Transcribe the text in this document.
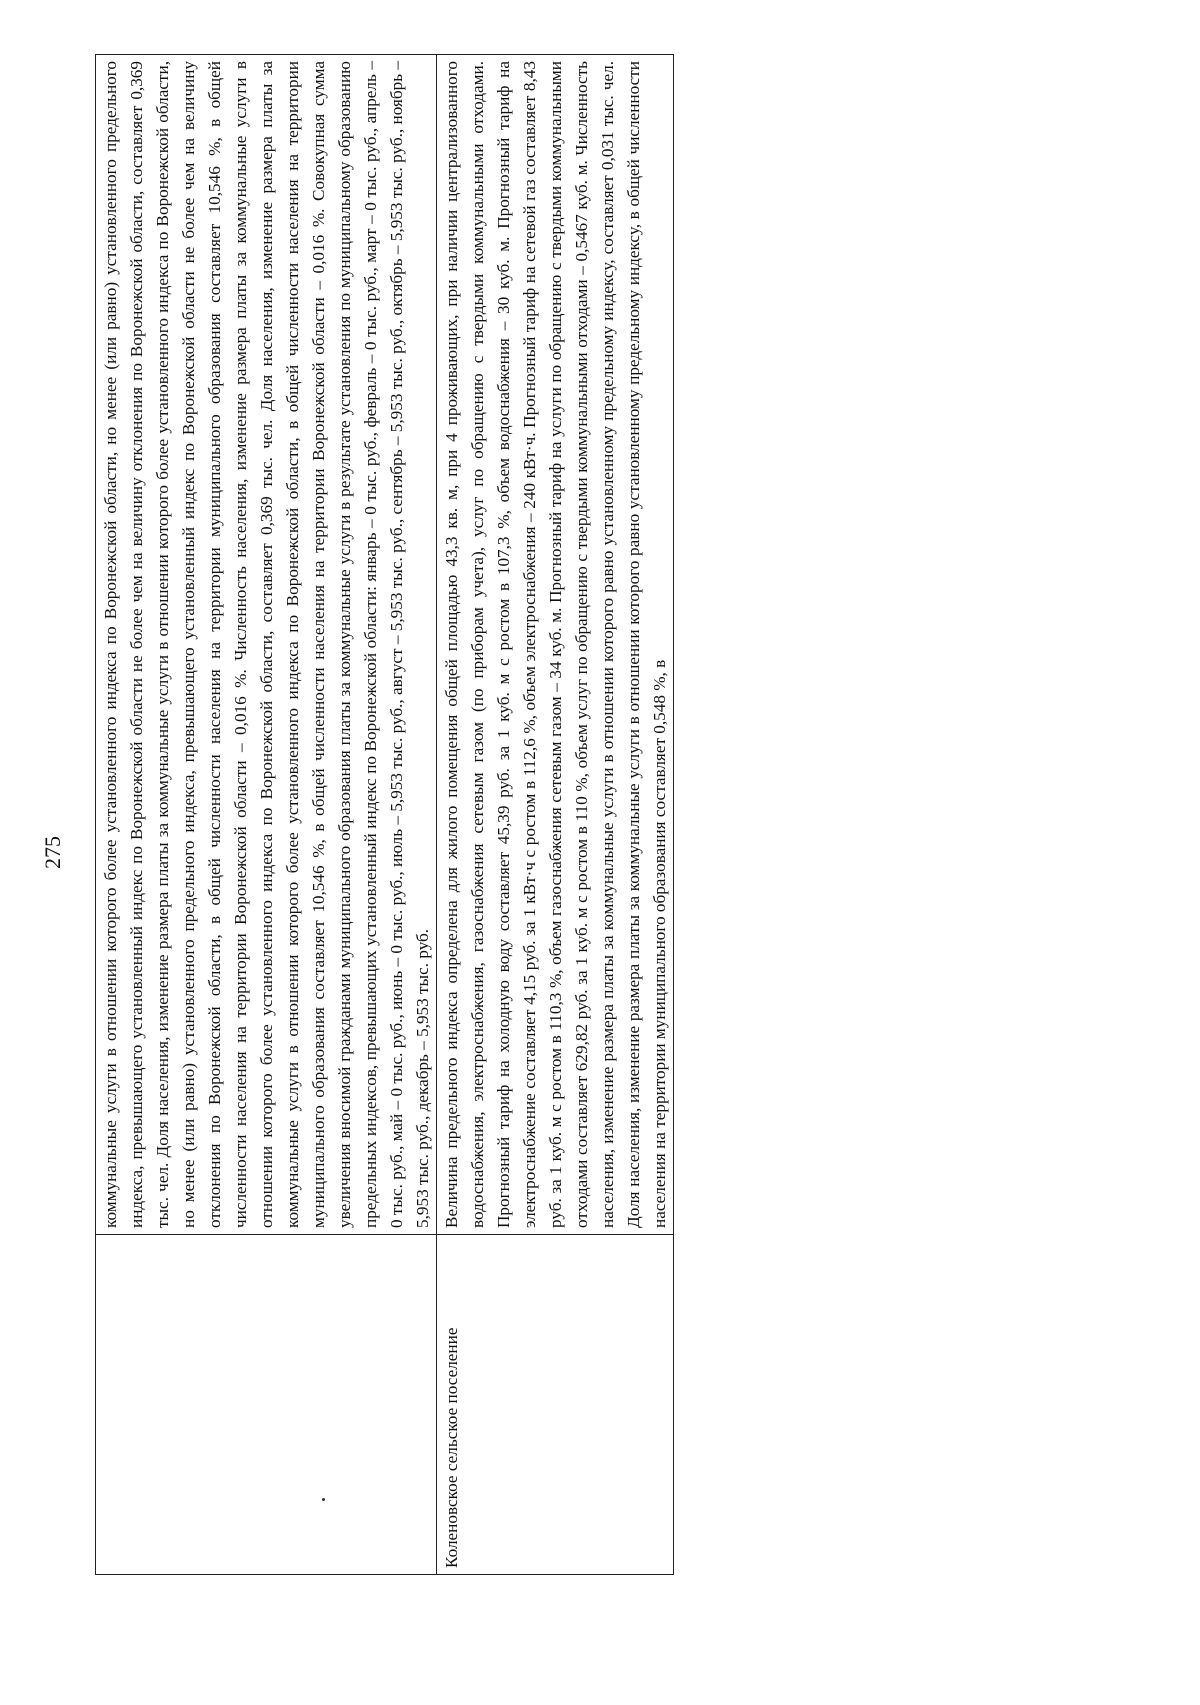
275
	коммунальные услуги в отношении которого более установленного индекса по Воронежской области, но менее (или равно) установленного предельного индекса, превышающего установленный индекс по Воронежской области не более чем на величину отклонения по Воронежской области, составляет 0,369 тыс. чел. Доля населения, изменение размера платы за коммунальные услуги в отношении которого более установленного индекса по Воронежской области, но менее (или равно) установленного предельного индекса, превышающего установленный индекс по Воронежской области не более чем на величину отклонения по Воронежской области, в общей численности населения на территории муниципального образования составляет 10,546 %, в общей численности населения на территории Воронежской области – 0,016 %. Численность населения, изменение размера платы за коммунальные услуги в отношении которого более установленного индекса по Воронежской области, составляет 0,369 тыс. чел. Доля населения, изменение размера платы за коммунальные услуги в отношении которого более установленного индекса по Воронежской области, в общей численности населения на территории муниципального образования составляет 10,546 %, в общей численности населения на территории Воронежской области – 0,016 %. Совокупная сумма увеличения вносимой гражданами муниципального образования платы за коммунальные услуги в результате установления по муниципальному образованию предельных индексов, превышающих установленный индекс по Воронежской области: январь – 0 тыс. руб., февраль – 0 тыс. руб., март – 0 тыс. руб., апрель – 0 тыс. руб., май – 0 тыс. руб., июнь – 0 тыс. руб., июль – 5,953 тыс. руб., август – 5,953 тыс. руб., сентябрь – 5,953 тыс. руб., октябрь – 5,953 тыс. руб., ноябрь – 5,953 тыс. руб., декабрь – 5,953 тыс. руб.
Коленовское сельское поселение	Величина предельного индекса определена для жилого помещения общей площадью 43,3 кв. м, при 4 проживающих, при наличии централизованного водоснабжения, электроснабжения, газоснабжения сетевым газом (по приборам учета), услуг по обращению с твердыми коммунальными отходами. Прогнозный тариф на холодную воду составляет 45,39 руб. за 1 куб. м с ростом в 107,3 %, объем водоснабжения – 30 куб. м. Прогнозный тариф на электроснабжение составляет 4,15 руб. за 1 кВт·ч с ростом в 112,6 %, объем электроснабжения – 240 кВт·ч. Прогнозный тариф на сетевой газ составляет 8,43 руб. за 1 куб. м с ростом в 110,3 %, объем газоснабжения сетевым газом – 34 куб. м. Прогнозный тариф на услуги по обращению с твердыми коммунальными отходами составляет 629,82 руб. за 1 куб. м с ростом в 110 %, объем услуг по обращению с твердыми коммунальными отходами – 0,5467 куб. м. Численность населения, изменение размера платы за коммунальные услуги в отношении которого равно установленному предельному индексу, составляет 0,031 тыс. чел. Доля населения, изменение размера платы за коммунальные услуги в отношении которого равно установленному предельному индексу, в общей численности населения на территории муниципального образования составляет 0,548 %, в
